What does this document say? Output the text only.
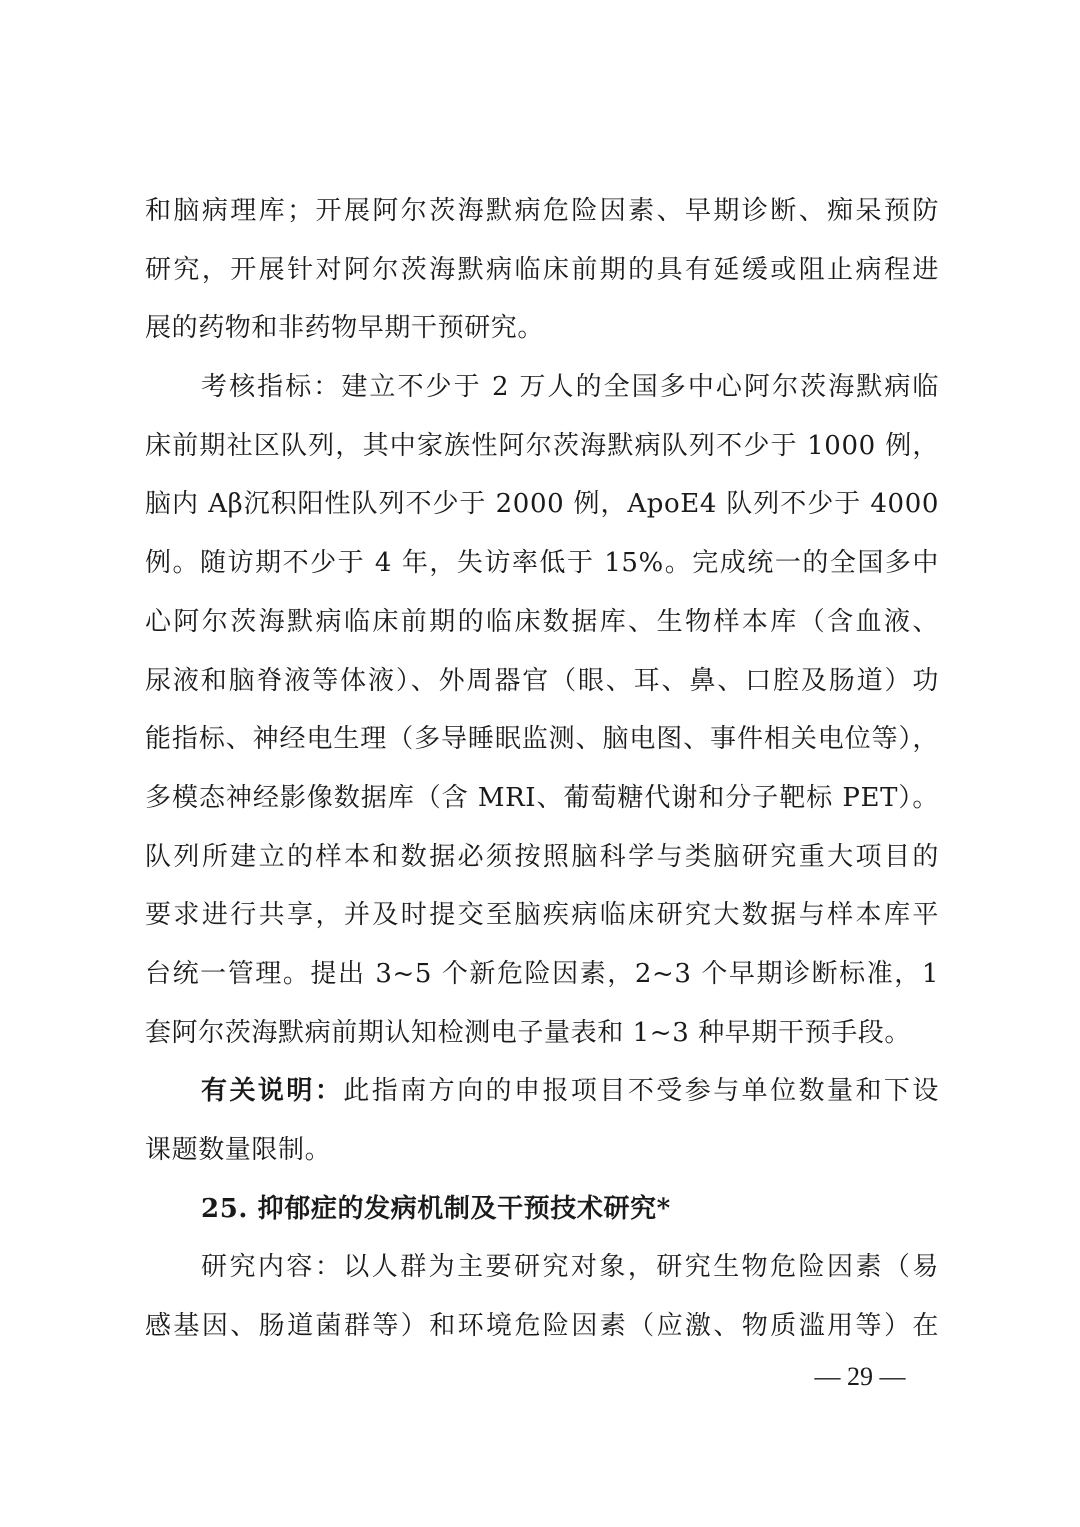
和脑病理库；开展阿尔茨海默病危险因素、早期诊断、痴呆预防
研究，开展针对阿尔茨海默病临床前期的具有延缓或阻止病程进
展的药物和非药物早期干预研究。
考核指标：建立不少于 2 万人的全国多中心阿尔茨海默病临
床前期社区队列，其中家族性阿尔茨海默病队列不少于 1000 例，
脑内 Aβ沉积阳性队列不少于 2000 例，ApoE4 队列不少于 4000
例。随访期不少于 4 年，失访率低于 15%。完成统一的全国多中
心阿尔茨海默病临床前期的临床数据库、生物样本库（含血液、
尿液和脑脊液等体液）、外周器官（眼、耳、鼻、口腔及肠道）功
能指标、神经电生理（多导睡眠监测、脑电图、事件相关电位等），
多模态神经影像数据库（含 MRI、葡萄糖代谢和分子靶标 PET）。
队列所建立的样本和数据必须按照脑科学与类脑研究重大项目的
要求进行共享，并及时提交至脑疾病临床研究大数据与样本库平
台统一管理。提出 3~5 个新危险因素，2~3 个早期诊断标准，1
套阿尔茨海默病前期认知检测电子量表和 1~3 种早期干预手段。
有关说明：此指南方向的申报项目不受参与单位数量和下设
课题数量限制。
25. 抑郁症的发病机制及干预技术研究*
研究内容：以人群为主要研究对象，研究生物危险因素（易
感基因、肠道菌群等）和环境危险因素（应激、物质滥用等）在
— 29 —
